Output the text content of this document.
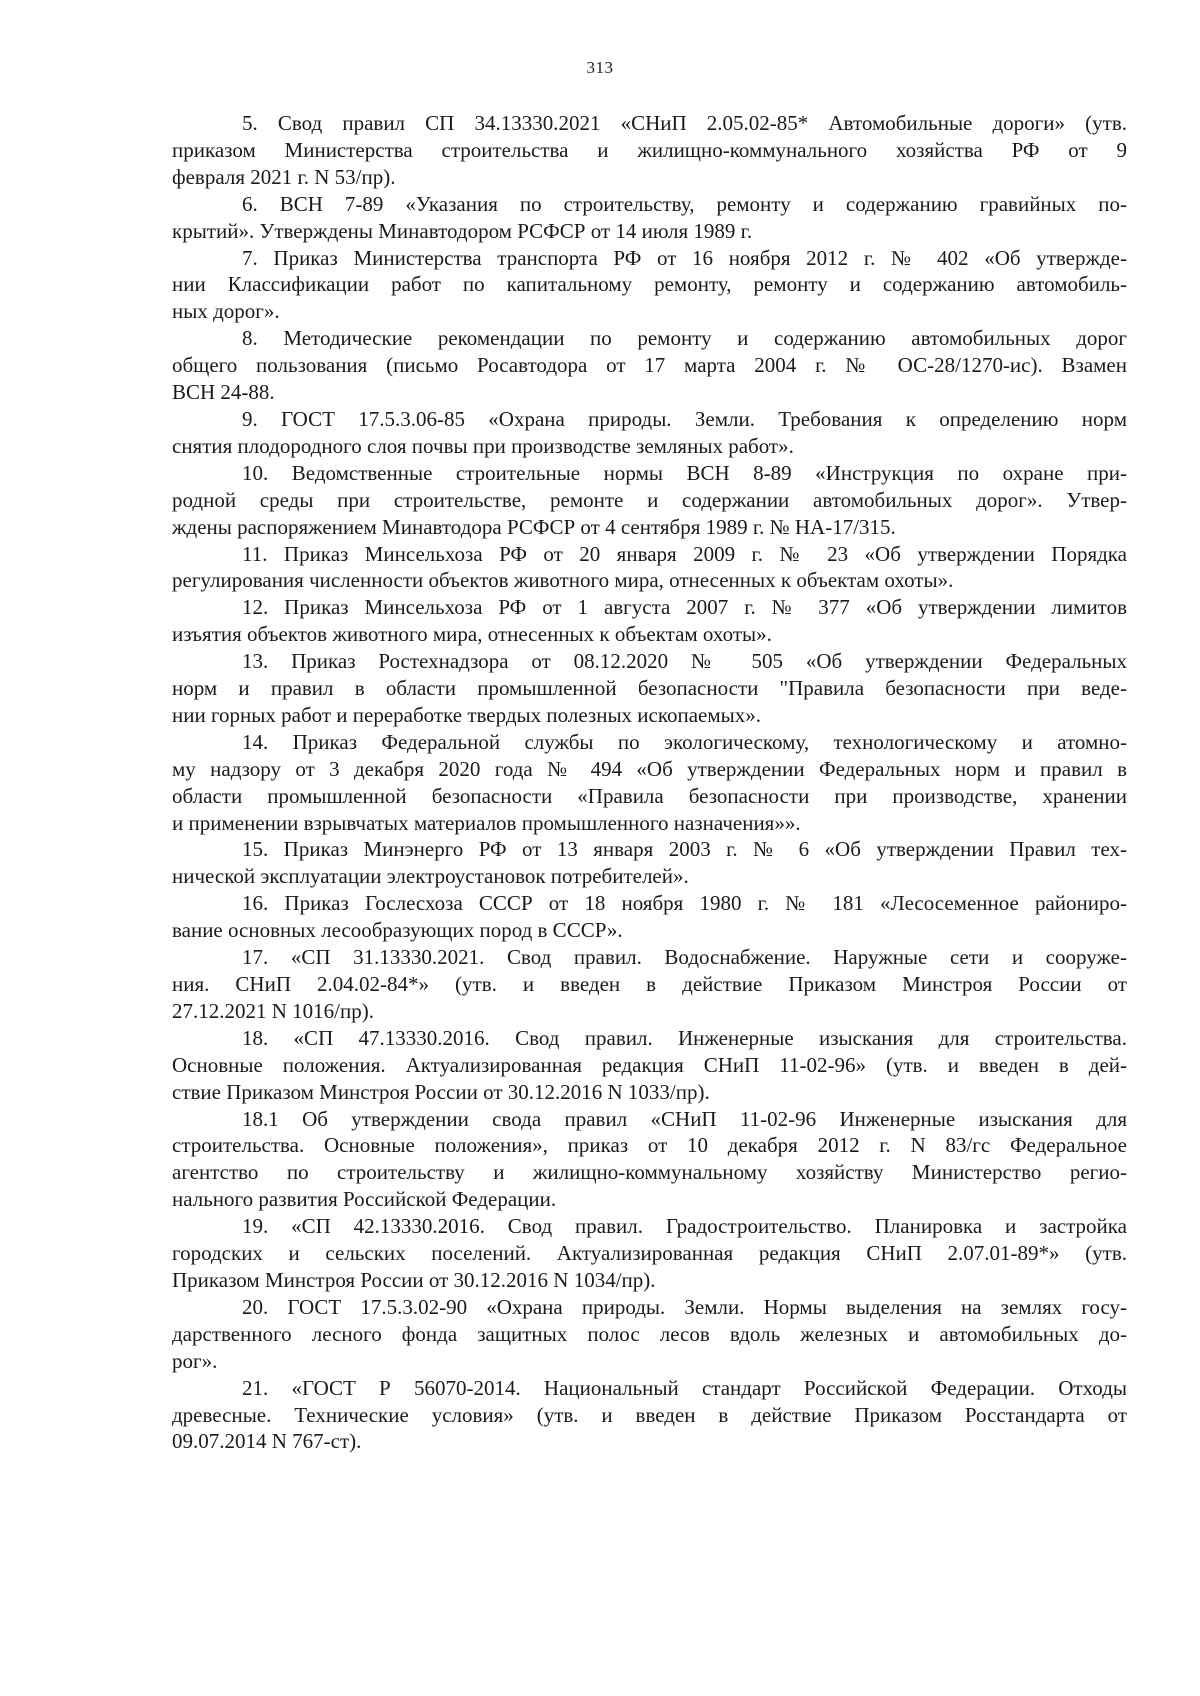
313
5. Свод правил СП 34.13330.2021 «СНиП 2.05.02-85* Автомобильные дороги» (утв.
приказом Министерства строительства и жилищно-коммунального хозяйства РФ от 9
февраля 2021 г. N 53/пр).
6. ВСН 7-89 «Указания по строительству, ремонту и содержанию гравийных по-
крытий». Утверждены Минавтодором РСФСР от 14 июля 1989 г.
7. Приказ Министерства транспорта РФ от 16 ноября 2012 г. № 402 «Об утвержде-
нии Классификации работ по капитальному ремонту, ремонту и содержанию автомобиль-
ных дорог».
8. Методические рекомендации по ремонту и содержанию автомобильных дорог
общего пользования (письмо Росавтодора от 17 марта 2004 г. № ОС-28/1270-ис). Взамен
ВСН 24-88.
9. ГОСТ 17.5.3.06-85 «Охрана природы. Земли. Требования к определению норм
снятия плодородного слоя почвы при производстве земляных работ».
10. Ведомственные строительные нормы ВСН 8-89 «Инструкция по охране при-
родной среды при строительстве, ремонте и содержании автомобильных дорог». Утвер-
ждены распоряжением Минавтодора РСФСР от 4 сентября 1989 г. № НА-17/315.
11. Приказ Минсельхоза РФ от 20 января 2009 г. № 23 «Об утверждении Порядка
регулирования численности объектов животного мира, отнесенных к объектам охоты».
12. Приказ Минсельхоза РФ от 1 августа 2007 г. № 377 «Об утверждении лимитов
изъятия объектов животного мира, отнесенных к объектам охоты».
13. Приказ Ростехнадзора от 08.12.2020 № 505 «Об утверждении Федеральных
норм и правил в области промышленной безопасности "Правила безопасности при веде-
нии горных работ и переработке твердых полезных ископаемых».
14. Приказ Федеральной службы по экологическому, технологическому и атомно-
му надзору от 3 декабря 2020 года № 494 «Об утверждении Федеральных норм и правил в
области промышленной безопасности «Правила безопасности при производстве, хранении
и применении взрывчатых материалов промышленного назначения»».
15. Приказ Минэнерго РФ от 13 января 2003 г. № 6 «Об утверждении Правил тех-
нической эксплуатации электроустановок потребителей».
16. Приказ Гослесхоза СССР от 18 ноября 1980 г. № 181 «Лесосеменное райониро-
вание основных лесообразующих пород в СССР».
17. «СП 31.13330.2021. Свод правил. Водоснабжение. Наружные сети и сооруже-
ния. СНиП 2.04.02-84*» (утв. и введен в действие Приказом Минстроя России от
27.12.2021 N 1016/пр).
18. «СП 47.13330.2016. Свод правил. Инженерные изыскания для строительства.
Основные положения. Актуализированная редакция СНиП 11-02-96» (утв. и введен в дей-
ствие Приказом Минстроя России от 30.12.2016 N 1033/пр).
18.1 Об утверждении свода правил «СНиП 11-02-96 Инженерные изыскания для
строительства. Основные положения», приказ от 10 декабря 2012 г. N 83/гс Федеральное
агентство по строительству и жилищно-коммунальному хозяйству Министерство регио-
нального развития Российской Федерации.
19. «СП 42.13330.2016. Свод правил. Градостроительство. Планировка и застройка
городских и сельских поселений. Актуализированная редакция СНиП 2.07.01-89*» (утв.
Приказом Минстроя России от 30.12.2016 N 1034/пр).
20. ГОСТ 17.5.3.02-90 «Охрана природы. Земли. Нормы выделения на землях госу-
дарственного лесного фонда защитных полос лесов вдоль железных и автомобильных до-
рог».
21. «ГОСТ Р 56070-2014. Национальный стандарт Российской Федерации. Отходы
древесные. Технические условия» (утв. и введен в действие Приказом Росстандарта от
09.07.2014 N 767-ст).
